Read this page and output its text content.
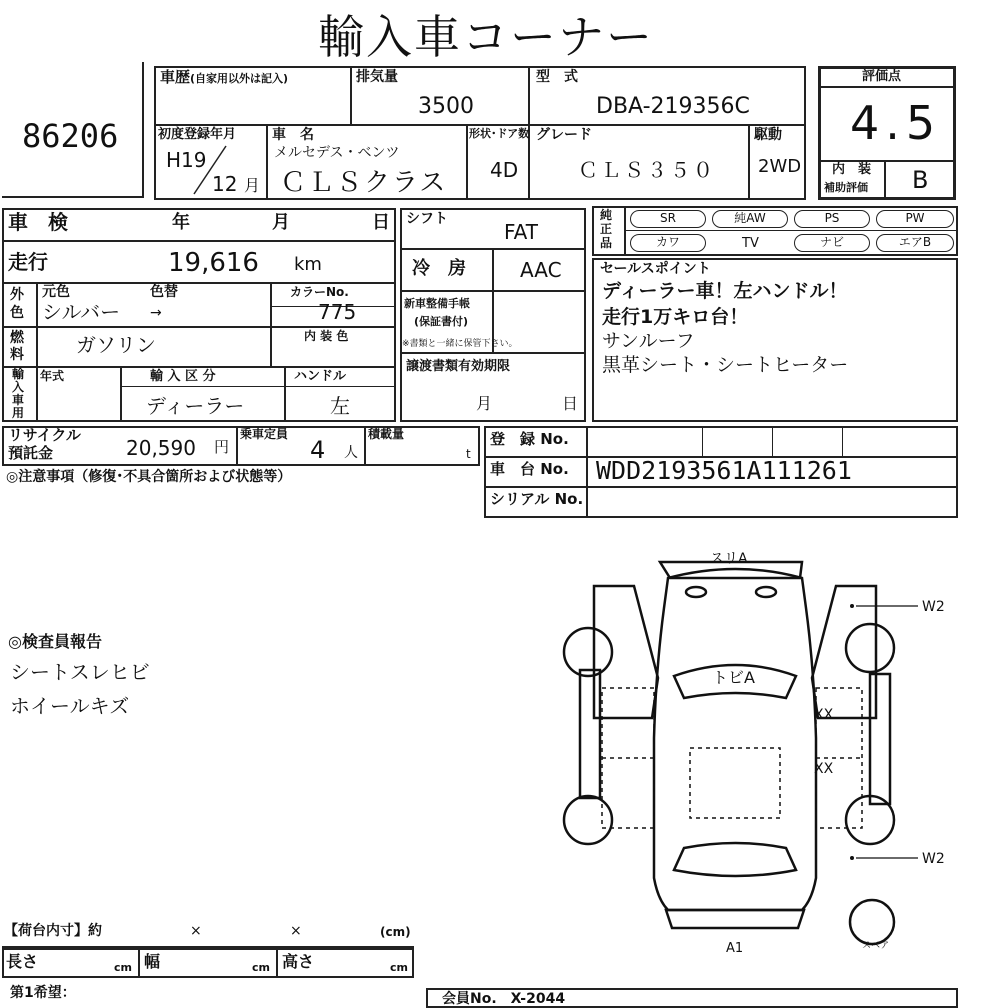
輸入車コーナー
86206
車歴(自家用以外は記入)	排気量
3500
型　式
DBA-219356C
初度登録年月
H19
12 月
車　名
メルセデス・ベンツ
ＣＬＳクラス
形状･ドア数
4D
グレード
ＣＬＳ３５０
駆動
2WD
評価点
4.5
内　装
補助評価 B
車　検	年	月	日
走行	19,616 km
外色
元色	色替
シルバー →
カラーNo.
775
燃料	ガソリン	内 装 色
輸入車用
年式	輸 入 区 分
ディーラー
ハンドル
左
シフト
FAT
冷　房	AAC
新車整備手帳
(保証書付)
※書類と一緒に保管下さい。
譲渡書類有効期限
月	日
純正品
SR	純AW	PS	PW
カワ	TV	ナビ	エアB
セールスポイント
ディーラー車！左ハンドル！
走行1万キロ台！
サンルーフ
黒革シート・シートヒーター
リサイクル
預託金	20,590 円
乗車定員
4 人
積載量
t
登　録 No.
車　台 No. WDD2193561A111261
シリアル No.
◎注意事項（修復･不具合箇所および状態等）
◎検査員報告
シートスレヒビ
ホイールキズ
スリA
トビA
XX
XX
W2
W2
A1	スペア
【荷台内寸】約	×	×	(cm)
長さ	cm 幅	cm 高さ	cm
第1希望：	会員No.　X-2044
